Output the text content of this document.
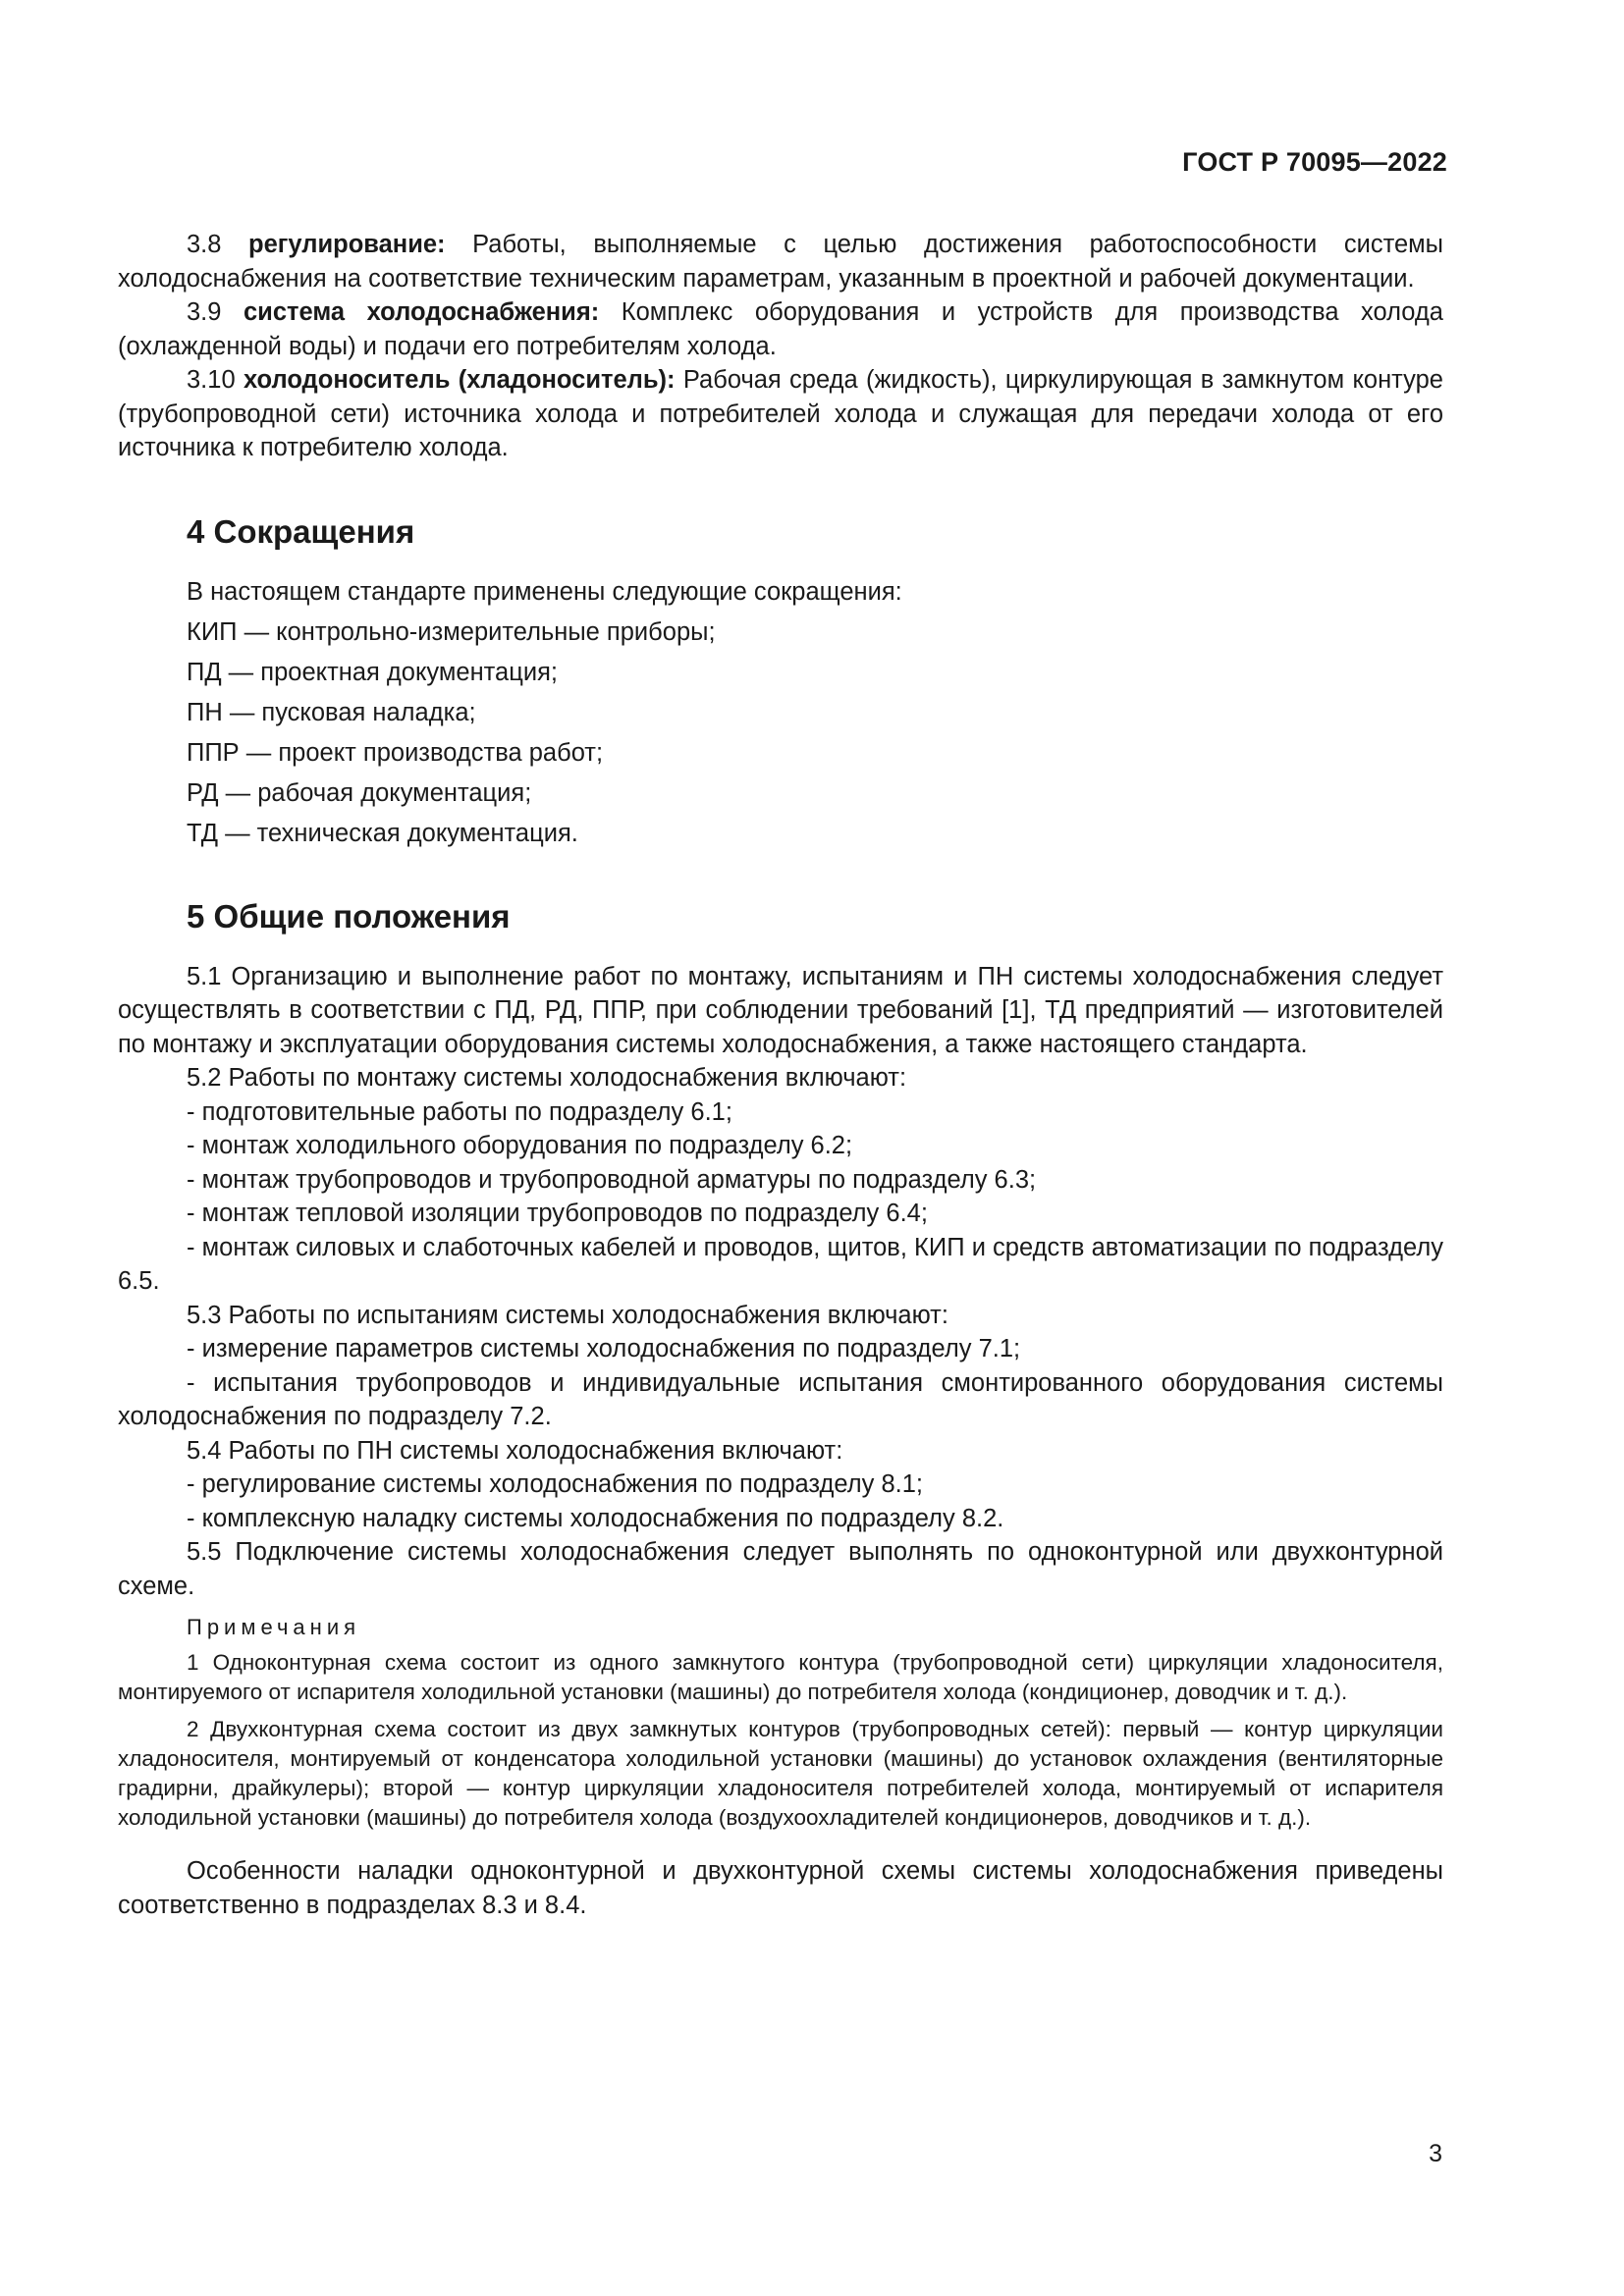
ГОСТ Р 70095—2022

3.8 регулирование: Работы, выполняемые с целью достижения работоспособности системы холодоснабжения на соответствие техническим параметрам, указанным в проектной и рабочей документации.

3.9 система холодоснабжения: Комплекс оборудования и устройств для производства холода (охлажденной воды) и подачи его потребителям холода.

3.10 холодоноситель (хладоноситель): Рабочая среда (жидкость), циркулирующая в замкнутом контуре (трубопроводной сети) источника холода и потребителей холода и служащая для передачи холода от его источника к потребителю холода.

4 Сокращения

В настоящем стандарте применены следующие сокращения:

КИП — контрольно-измерительные приборы;

ПД — проектная документация;

ПН — пусковая наладка;

ППР — проект производства работ;

РД — рабочая документация;

ТД — техническая документация.

5 Общие положения

5.1 Организацию и выполнение работ по монтажу, испытаниям и ПН системы холодоснабжения следует осуществлять в соответствии с ПД, РД, ППР, при соблюдении требований [1], ТД предприятий — изготовителей по монтажу и эксплуатации оборудования системы холодоснабжения, а также настоящего стандарта.

5.2 Работы по монтажу системы холодоснабжения включают:

- подготовительные работы по подразделу 6.1;

- монтаж холодильного оборудования по подразделу 6.2;

- монтаж трубопроводов и трубопроводной арматуры по подразделу 6.3;

- монтаж тепловой изоляции трубопроводов по подразделу 6.4;

- монтаж силовых и слаботочных кабелей и проводов, щитов, КИП и средств автоматизации по подразделу 6.5.

5.3 Работы по испытаниям системы холодоснабжения включают:

- измерение параметров системы холодоснабжения по подразделу 7.1;

- испытания трубопроводов и индивидуальные испытания смонтированного оборудования системы холодоснабжения по подразделу 7.2.

5.4 Работы по ПН системы холодоснабжения включают:

- регулирование системы холодоснабжения по подразделу 8.1;

- комплексную наладку системы холодоснабжения по подразделу 8.2.

5.5 Подключение системы холодоснабжения следует выполнять по одноконтурной или двухконтурной схеме.

Примечания

1 Одноконтурная схема состоит из одного замкнутого контура (трубопроводной сети) циркуляции хладоносителя, монтируемого от испарителя холодильной установки (машины) до потребителя холода (кондиционер, доводчик и т. д.).

2 Двухконтурная схема состоит из двух замкнутых контуров (трубопроводных сетей): первый — контур циркуляции хладоносителя, монтируемый от конденсатора холодильной установки (машины) до установок охлаждения (вентиляторные градирни, драйкулеры); второй — контур циркуляции хладоносителя потребителей холода, монтируемый от испарителя холодильной установки (машины) до потребителя холода (воздухоохладителей кондиционеров, доводчиков и т. д.).

Особенности наладки одноконтурной и двухконтурной схемы системы холодоснабжения приведены соответственно в подразделах 8.3 и 8.4.

3
